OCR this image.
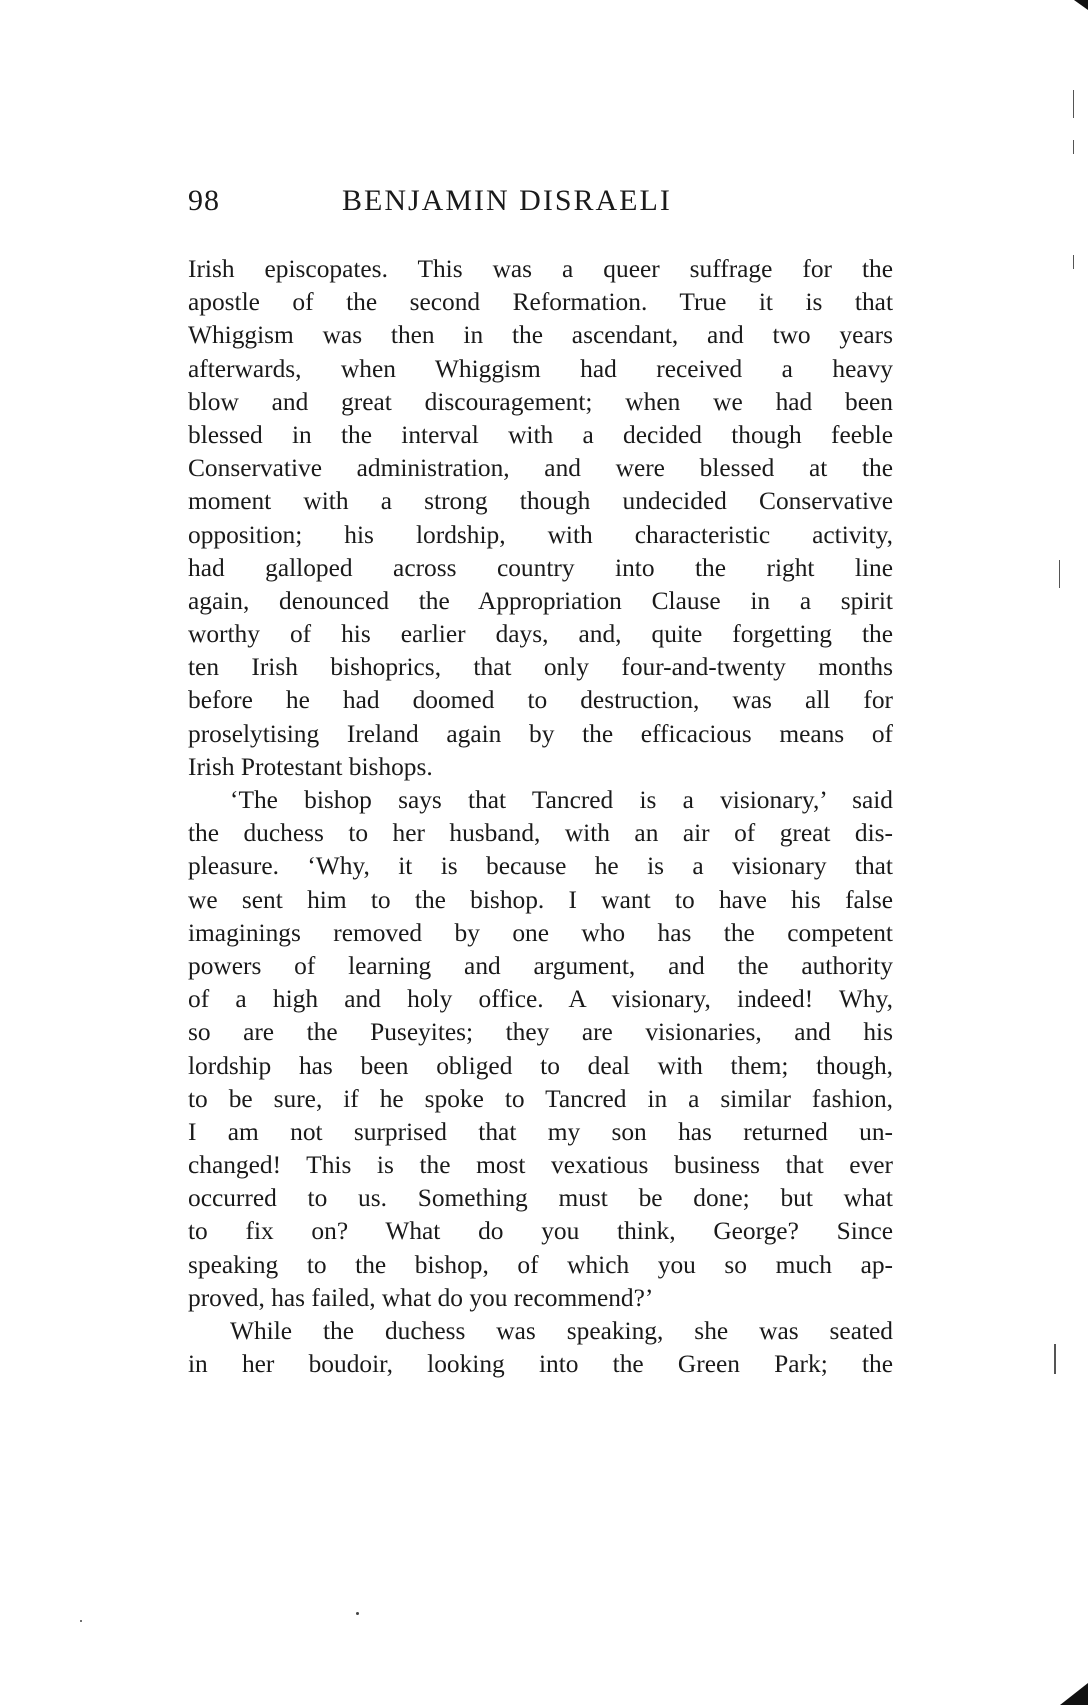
98	BENJAMIN DISRAELI
Irish episcopates. This was a queer suffrage for the
apostle of the second Reformation. True it is that
Whiggism was then in the ascendant, and two years
afterwards, when Whiggism had received a heavy
blow and great discouragement; when we had been
blessed in the interval with a decided though feeble
Conservative administration, and were blessed at the
moment with a strong though undecided Conservative
opposition; his lordship, with characteristic activity,
had galloped across country into the right line
again, denounced the Appropriation Clause in a spirit
worthy of his earlier days, and, quite forgetting the
ten Irish bishoprics, that only four-and-twenty months
before he had doomed to destruction, was all for
proselytising Ireland again by the efficacious means of
Irish Protestant bishops.
‘The bishop says that Tancred is a visionary,’ said
the duchess to her husband, with an air of great dis-
pleasure. ‘Why, it is because he is a visionary that
we sent him to the bishop. I want to have his false
imaginings removed by one who has the competent
powers of learning and argument, and the authority
of a high and holy office. A visionary, indeed! Why,
so are the Puseyites; they are visionaries, and his
lordship has been obliged to deal with them; though,
to be sure, if he spoke to Tancred in a similar fashion,
I am not surprised that my son has returned un-
changed! This is the most vexatious business that ever
occurred to us. Something must be done; but what
to fix on? What do you think, George? Since
speaking to the bishop, of which you so much ap-
proved, has failed, what do you recommend?’
While the duchess was speaking, she was seated
in her boudoir, looking into the Green Park; the
